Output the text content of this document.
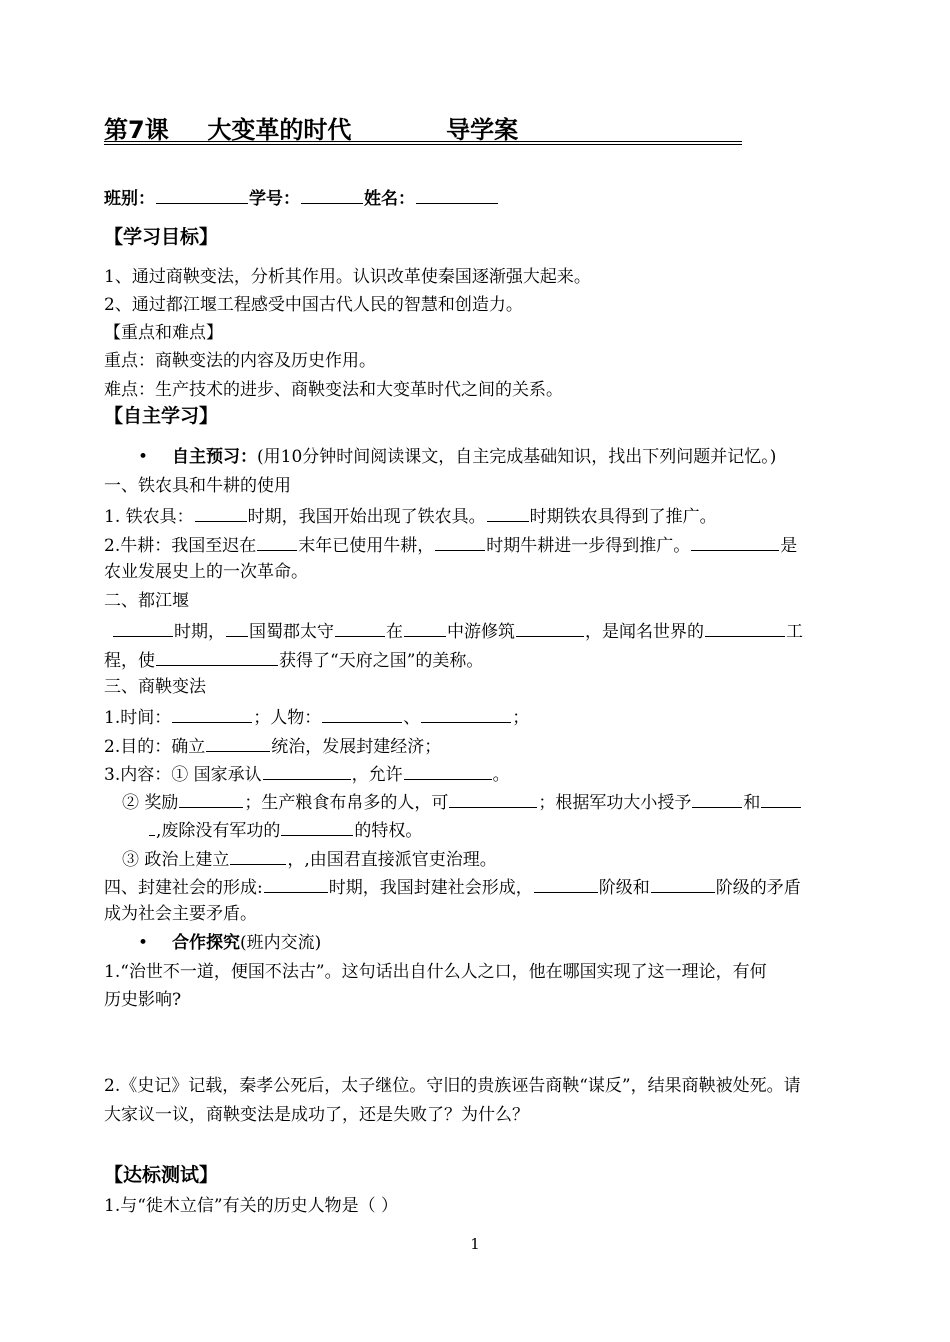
第7课 大变革的时代	导学案
班别：	学号：	姓名：
【学习目标】
1、通过商鞅变法，分析其作用。认识改革使秦国逐渐强大起来。
2、通过都江堰工程感受中国古代人民的智慧和创造力。
【重点和难点】
重点：商鞅变法的内容及历史作用。
难点：生产技术的进步、商鞅变法和大变革时代之间的关系。
【自主学习】
• 自主预习：(用10分钟时间阅读课文，自主完成基础知识，找出下列问题并记忆。)
一、铁农具和牛耕的使用
1. 铁农具：	时期，我国开始出现了铁农具。	时期铁农具得到了推广。
2.牛耕：我国至迟在 末年已使用牛耕，	时期牛耕进一步得到推广。	是
农业发展史上的一次革命。
二、都江堰
时期， 国蜀郡太守	在	中游修筑	，是闻名世界的	工
程，使	获得了“天府之国”的美称。
三、商鞅变法
1.时间：	；人物：	、	；
2.目的：确立	统治，发展封建经济；
3.内容：① 国家承认	，允许	。
② 奖励	；生产粮食布帛多的人，可	；根据军功大小授予	和
,废除没有军功的	的特权。
③ 政治上建立	，,由国君直接派官吏治理。
四、封建社会的形成:	时期，我国封建社会形成，	阶级和	阶级的矛盾
成为社会主要矛盾。
• 合作探究(班内交流)
1.“治世不一道，便国不法古”。这句话出自什么人之口，他在哪国实现了这一理论，有何
历史影响?
2.《史记》记载，秦孝公死后，太子继位。守旧的贵族诬告商鞅“谋反”，结果商鞅被处死。请
大家议一议，商鞅变法是成功了，还是失败了？为什么？
【达标测试】
1.与“徙木立信”有关的历史人物是（ ）
1
